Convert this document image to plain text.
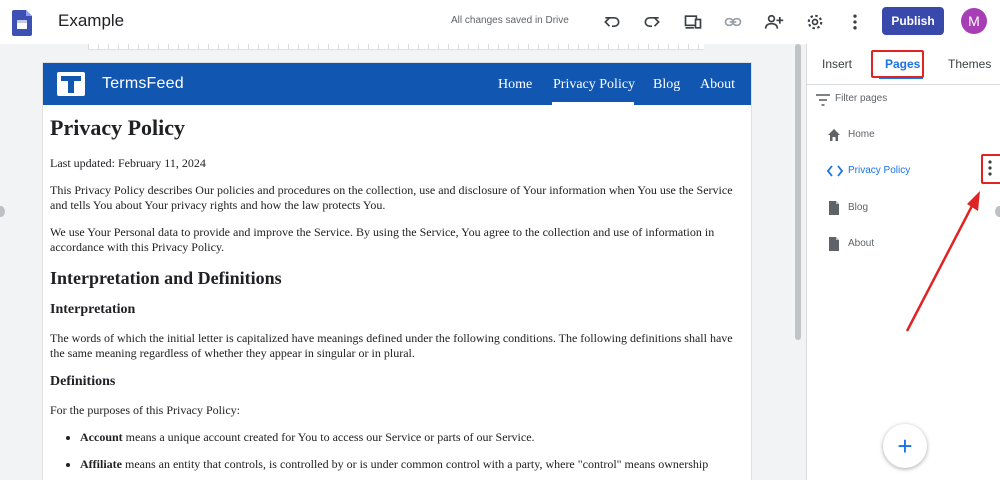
Example	All changes saved in Drive	Publish	M
TermsFeed	Home Privacy Policy Blog About
Privacy Policy

Last updated: February 11, 2024

This Privacy Policy describes Our policies and procedures on the collection, use and disclosure of Your information when You use the Service and tells You about Your privacy rights and how the law protects You.

We use Your Personal data to provide and improve the Service. By using the Service, You agree to the collection and use of information in accordance with this Privacy Policy.

Interpretation and Definitions
Interpretation

The words of which the initial letter is capitalized have meanings defined under the following conditions. The following definitions shall have the same meaning regardless of whether they appear in singular or in plural.

Definitions

For the purposes of this Privacy Policy:

• Account means a unique account created for You to access our Service or parts of our Service.
• Affiliate means an entity that controls, is controlled by or is under common control with a party, where "control" means ownership
Insert	Pages Themes
Filter pages
Home
Privacy Policy
Blog
About
+
